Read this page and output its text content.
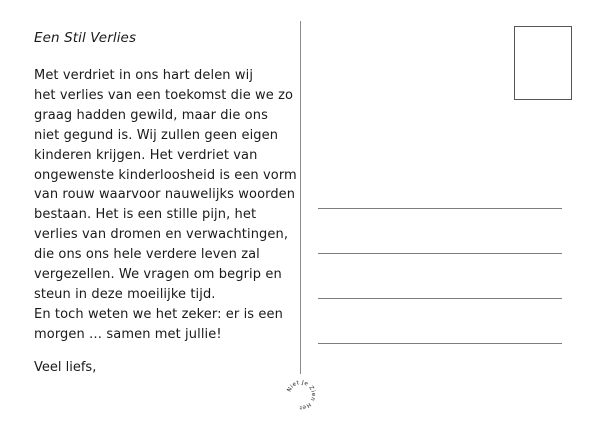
Een Stil Verlies
Met verdriet in ons hart delen wij
het verlies van een toekomst die we zo
graag hadden gewild, maar die ons
niet gegund is. Wij zullen geen eigen
kinderen krijgen. Het verdriet van
ongewenste kinderloosheid is een vorm
van rouw waarvoor nauwelijks woorden
bestaan. Het is een stille pijn, het
verlies van dromen en verwachtingen,
die ons ons hele verdere leven zal
vergezellen. We vragen om begrip en
steun in deze moeilijke tijd.
En toch weten we het zeker: er is een
morgen … samen met jullie!
Veel liefs,
Niet Je Zien Het
